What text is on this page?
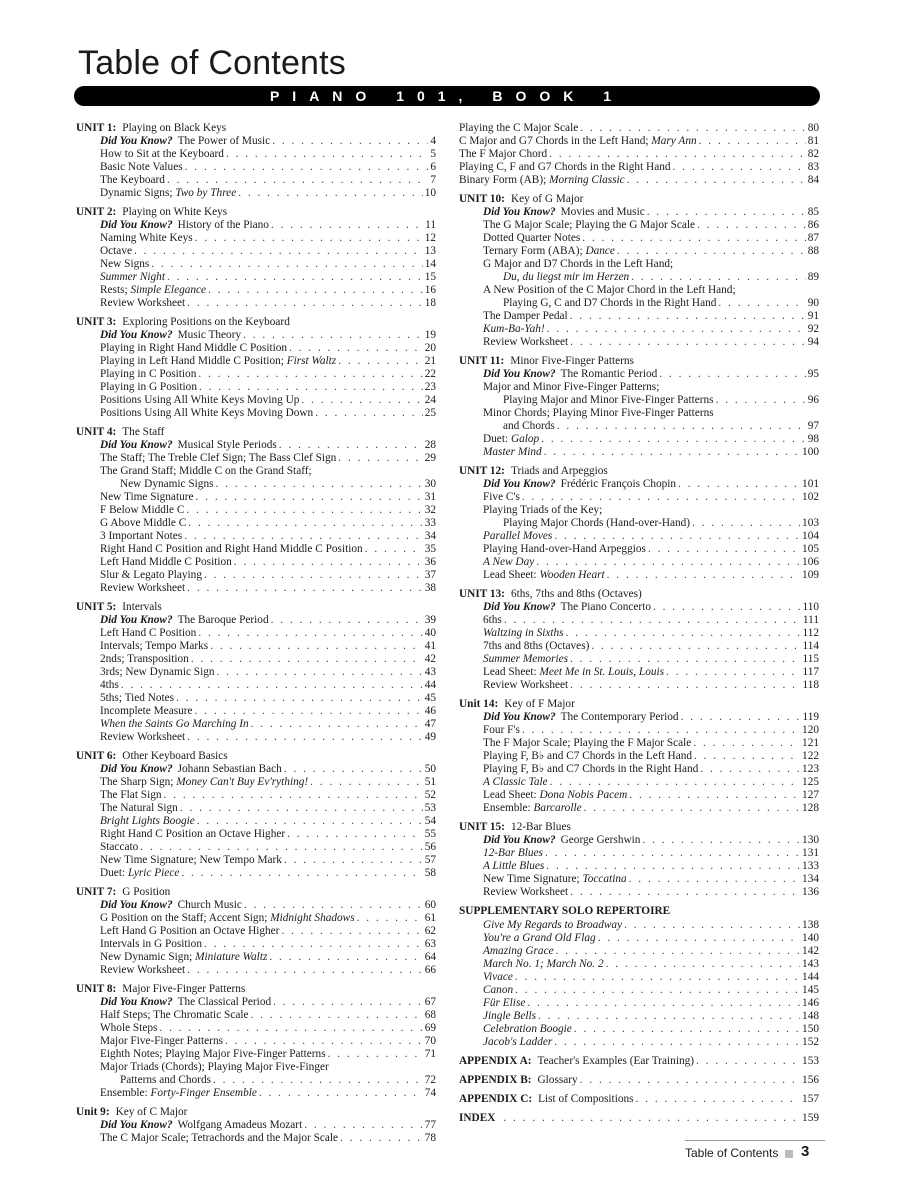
Table of Contents
PIANO 101, BOOK 1
UNIT 1: Playing on Black Keys
Did You Know? The Power of Music . . .	4
How to Sit at the Keyboard . . .	5
Basic Note Values . . .	6
The Keyboard . . .	7
Dynamic Signs; Two by Three . . .	10
UNIT 2: Playing on White Keys
Did You Know? History of the Piano . . .	11
Naming White Keys . . .	12
Octave . . .	13
New Signs . . .	14
Summer Night . . .	15
Rests; Simple Elegance . . .	16
Review Worksheet . . .	18
UNIT 3: Exploring Positions on the Keyboard
Did You Know? Music Theory . . .	19
Playing in Right Hand Middle C Position . . .	20
Playing in Left Hand Middle C Position; First Waltz . . .	21
Playing in C Position . . .	22
Playing in G Position . . .	23
Positions Using All White Keys Moving Up . . .	24
Positions Using All White Keys Moving Down . . .	25
UNIT 4: The Staff
Did You Know? Musical Style Periods . . .	28
The Staff; The Treble Clef Sign; The Bass Clef Sign . . .	29
The Grand Staff; Middle C on the Grand Staff;
New Dynamic Signs . . .	30
New Time Signature . . .	31
F Below Middle C . . .	32
G Above Middle C . . .	33
3 Important Notes . . .	34
Right Hand C Position and Right Hand Middle C Position . . .	35
Left Hand Middle C Position . . .	36
Slur & Legato Playing . . .	37
Review Worksheet . . .	38
UNIT 5: Intervals
Did You Know? The Baroque Period . . .	39
Left Hand C Position . . .	40
Intervals; Tempo Marks . . .	41
2nds; Transposition . . .	42
3rds; New Dynamic Sign . . .	43
4ths . . .	44
5ths; Tied Notes . . .	45
Incomplete Measure . . .	46
When the Saints Go Marching In . . .	47
Review Worksheet . . .	49
UNIT 6: Other Keyboard Basics
Did You Know? Johann Sebastian Bach . . .	50
The Sharp Sign; Money Can't Buy Ev'rything! . . .	51
The Flat Sign . . .	52
The Natural Sign . . .	53
Bright Lights Boogie . . .	54
Right Hand C Position an Octave Higher . . .	55
Staccato . . .	56
New Time Signature; New Tempo Mark . . .	57
Duet: Lyric Piece . . .	58
UNIT 7: G Position
Did You Know? Church Music . . .	60
G Position on the Staff; Accent Sign; Midnight Shadows . . .	61
Left Hand G Position an Octave Higher . . .	62
Intervals in G Position . . .	63
New Dynamic Sign; Miniature Waltz . . .	64
Review Worksheet . . .	66
UNIT 8: Major Five-Finger Patterns
Did You Know? The Classical Period . . .	67
Half Steps; The Chromatic Scale . . .	68
Whole Steps . . .	69
Major Five-Finger Patterns . . .	70
Eighth Notes; Playing Major Five-Finger Patterns . . .	71
Major Triads (Chords); Playing Major Five-Finger
Patterns and Chords . . .	72
Ensemble: Forty-Finger Ensemble . . .	74
Unit 9: Key of C Major
Did You Know? Wolfgang Amadeus Mozart . . .	77
The C Major Scale; Tetrachords and the Major Scale . . .	78
Playing the C Major Scale . . .	80
C Major and G7 Chords in the Left Hand; Mary Ann . . .	81
The F Major Chord . . .	82
Playing C, F and G7 Chords in the Right Hand . . .	83
Binary Form (AB); Morning Classic . . .	84
UNIT 10: Key of G Major
Did You Know? Movies and Music . . .	85
The G Major Scale; Playing the G Major Scale . . .	86
Dotted Quarter Notes . . .	87
Ternary Form (ABA); Dance . . .	88
G Major and D7 Chords in the Left Hand;
Du, du liegst mir im Herzen . . .	89
A New Position of the C Major Chord in the Left Hand;
Playing G, C and D7 Chords in the Right Hand . . .	90
The Damper Pedal . . .	91
Kum-Ba-Yah! . . .	92
Review Worksheet . . .	94
UNIT 11: Minor Five-Finger Patterns
Did You Know? The Romantic Period . . .	95
Major and Minor Five-Finger Patterns;
Playing Major and Minor Five-Finger Patterns . . .	96
Minor Chords; Playing Minor Five-Finger Patterns
and Chords . . .	97
Duet: Galop . . .	98
Master Mind . . .	100
UNIT 12: Triads and Arpeggios
Did You Know? Frédéric François Chopin . . .	101
Five C's . . .	102
Playing Triads of the Key;
Playing Major Chords (Hand-over-Hand) . . .	103
Parallel Moves . . .	104
Playing Hand-over-Hand Arpeggios . . .	105
A New Day . . .	106
Lead Sheet: Wooden Heart . . .	109
UNIT 13: 6ths, 7ths and 8ths (Octaves)
Did You Know? The Piano Concerto . . .	110
6ths . . .	111
Waltzing in Sixths . . .	112
7ths and 8ths (Octaves) . . .	114
Summer Memories . . .	115
Lead Sheet: Meet Me in St. Louis, Louis . . .	117
Review Worksheet . . .	118
Unit 14: Key of F Major
Did You Know? The Contemporary Period . . .	119
Four F's . . .	120
The F Major Scale; Playing the F Major Scale . . .	121
Playing F, B♭ and C7 Chords in the Left Hand . . .	122
Playing F, B♭ and C7 Chords in the Right Hand . . .	123
A Classic Tale . . .	125
Lead Sheet: Dona Nobis Pacem . . .	127
Ensemble: Barcarolle . . .	128
UNIT 15: 12-Bar Blues
Did You Know? George Gershwin . . .	130
12-Bar Blues . . .	131
A Little Blues . . .	133
New Time Signature; Toccatina . . .	134
Review Worksheet . . .	136
SUPPLEMENTARY SOLO REPERTOIRE
Give My Regards to Broadway . . .	138
You're a Grand Old Flag . . .	140
Amazing Grace . . .	142
March No. 1; March No. 2 . . .	143
Vivace . . .	144
Canon . . .	145
Für Elise . . .	146
Jingle Bells . . .	148
Celebration Boogie . . .	150
Jacob's Ladder . . .	152
APPENDIX A: Teacher's Examples (Ear Training) . . .	153
APPENDIX B: Glossary . . .	156
APPENDIX C: List of Compositions . . .	157
INDEX . . .	159
Table of Contents 3
